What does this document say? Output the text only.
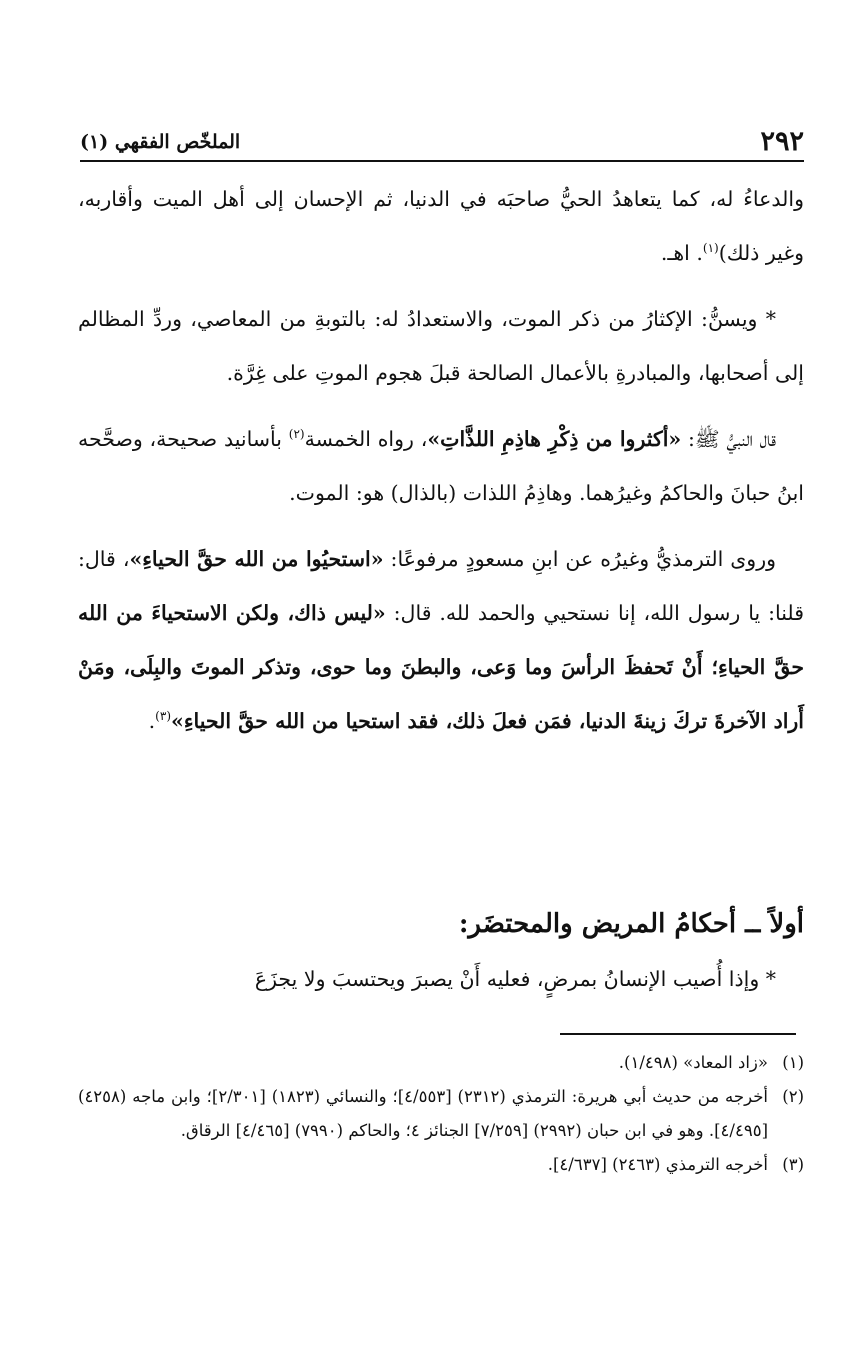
٢٩٢
الملخّص الفقهي (١)

والدعاءُ له، كما يتعاهدُ الحيُّ صاحبَه في الدنيا، ثم الإحسان إلى أهل الميت وأقاربه، وغير ذلك)$^{(١)}$. اهـ.

* ويسنُّ: الإكثارُ من ذكر الموت، والاستعدادُ له: بالتوبةِ من المعاصي، وردِّ المظالم إلى أصحابها، والمبادرةِ بالأعمال الصالحة قبلَ هجوم الموتِ على غِرَّة.

قال النبيُّ ﷺ: «أكثروا من ذِكْرِ هاذِمِ اللذَّاتِ»، رواه الخمسة$^{(٢)}$ بأسانيد صحيحة، وصحَّحه ابنُ حبانَ والحاكمُ وغيرُهما. وهاذِمُ اللذات (بالذال) هو: الموت.

وروى الترمذيُّ وغيرُه عن ابنِ مسعودٍ مرفوعًا: «استحيُوا من الله حقَّ الحياءِ»، قال: قلنا: يا رسول الله، إنا نستحيي والحمد لله. قال: «ليس ذاك، ولكن الاستحياءَ من الله حقَّ الحياءِ؛ أَنْ تَحفظَ الرأسَ وما وَعى، والبطنَ وما حوى، وتذكر الموتَ والبِلَى، ومَنْ أَراد الآخرةَ تركَ زينةَ الدنيا، فمَن فعلَ ذلك، فقد استحيا من الله حقَّ الحياءِ»$^{(٣)}$.

أولاً ــ أحكامُ المريض والمحتضَر:

* وإذا أُصيب الإنسانُ بمرضٍ، فعليه أَنْ يصبرَ ويحتسبَ ولا يجزَعَ

(١)
«زاد المعاد» (١/٤٩٨).
(٢)
أخرجه من حديث أبي هريرة: الترمذي (٢٣١٢) [٤/٥٥٣]؛ والنسائي (١٨٢٣) [٢/٣٠١]؛ وابن ماجه (٤٢٥٨) [٤/٤٩٥]. وهو في ابن حبان (٢٩٩٢) [٧/٢٥٩] الجنائز ٤؛ والحاكم (٧٩٩٠) [٤/٤٦٥] الرقاق.
(٣)
أخرجه الترمذي (٢٤٦٣) [٤/٦٣٧].
